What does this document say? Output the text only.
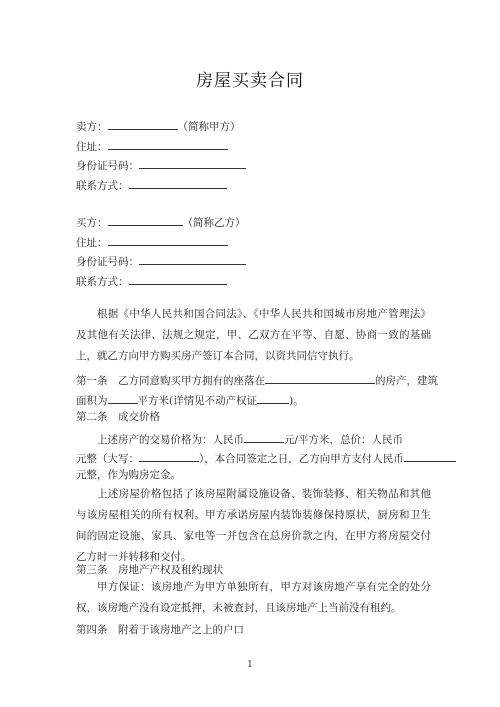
房屋买卖合同
卖方：	（简称甲方）
住址：
身份证号码：
联系方式：
买方：	（简称乙方）
住址：
身份证号码：
联系方式：
根据《中华人民共和国合同法》、《中华人民共和国城市房地产管理法》及其他有关法律、法规之规定，甲、乙双方在平等、自愿、协商一致的基础上，就乙方向甲方购买房产签订本合同，以资共同信守执行。
第一条　乙方同意购买甲方拥有的座落在	的房产，建筑
面积为	平方米(详情见不动产权证	)。
第二条　成交价格
上述房产的交易价格为：人民币	元/平方米，总价：人民币
元整（大写：	），本合同签定之日，乙方向甲方支付人民币
元整，作为购房定金。
上述房屋价格包括了该房屋附属设施设备、装饰装修、相关物品和其他与该房屋相关的所有权利。甲方承诺房屋内装饰装修保持原状，厨房和卫生间的固定设施、家具、家电等一并包含在总房价款之内，在甲方将房屋交付乙方时一并转移和交付。
第三条　房地产产权及租约现状
甲方保证：该房地产为甲方单独所有，甲方对该房地产享有完全的处分权，该房地产没有设定抵押，未被查封，且该房地产上当前没有租约。
第四条　附着于该房地产之上的户口
1
